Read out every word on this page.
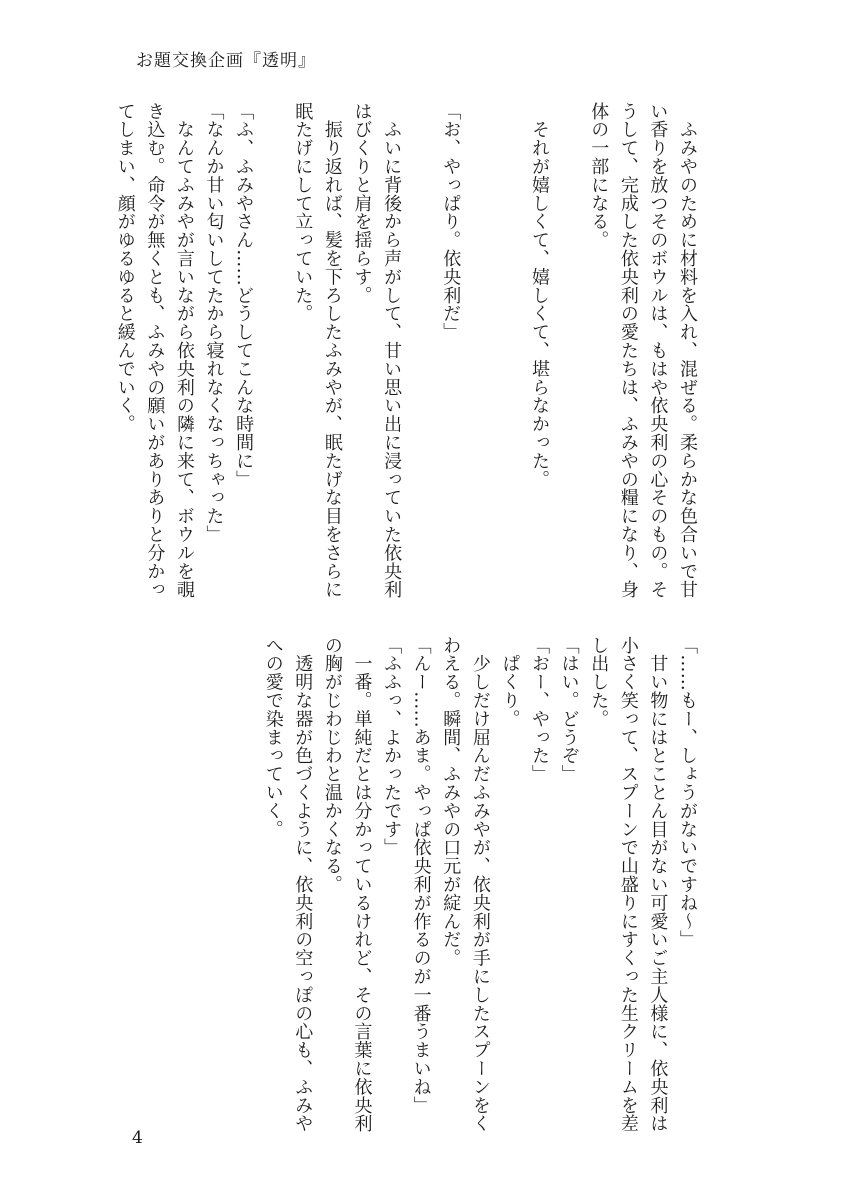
お題交換企画『透明』
　ふみやのために材料を入れ、混ぜる。柔らかな色合いで甘
い香りを放つそのボウルは、もはや依央利の心そのもの。そ
うして、完成した依央利の愛たちは、ふみやの糧になり、身
体の一部になる。
　それが嬉しくて、嬉しくて、堪らなかった。
「お、やっぱり。依央利だ」
　ふいに背後から声がして、甘い思い出に浸っていた依央利
はびくりと肩を揺らす。
　振り返れば、髪を下ろしたふみやが、眠たげな目をさらに
眠たげにして立っていた。
「ふ、ふみやさん……どうしてこんな時間に」
「なんか甘い匂いしてたから寝れなくなっちゃった」
　なんてふみやが言いながら依央利の隣に来て、ボウルを覗
き込む。命令が無くとも、ふみやの願いがありありと分かっ
てしまい、顔がゆるゆると緩んでいく。
「……もー、しょうがないですね～」
　甘い物にはとことん目がない可愛いご主人様に、依央利は
小さく笑って、スプーンで山盛りにすくった生クリームを差
し出した。
「はい。どうぞ」
「おー、やった」
　ぱくり。
　少しだけ屈んだふみやが、依央利が手にしたスプーンをく
わえる。瞬間、ふみやの口元が綻んだ。
「んー……あま。やっぱ依央利が作るのが一番うまいね」
「ふふっ、よかったです」
　一番。単純だとは分かっているけれど、その言葉に依央利
の胸がじわじわと温かくなる。
　透明な器が色づくように、依央利の空っぽの心も、ふみや
への愛で染まっていく。
4
